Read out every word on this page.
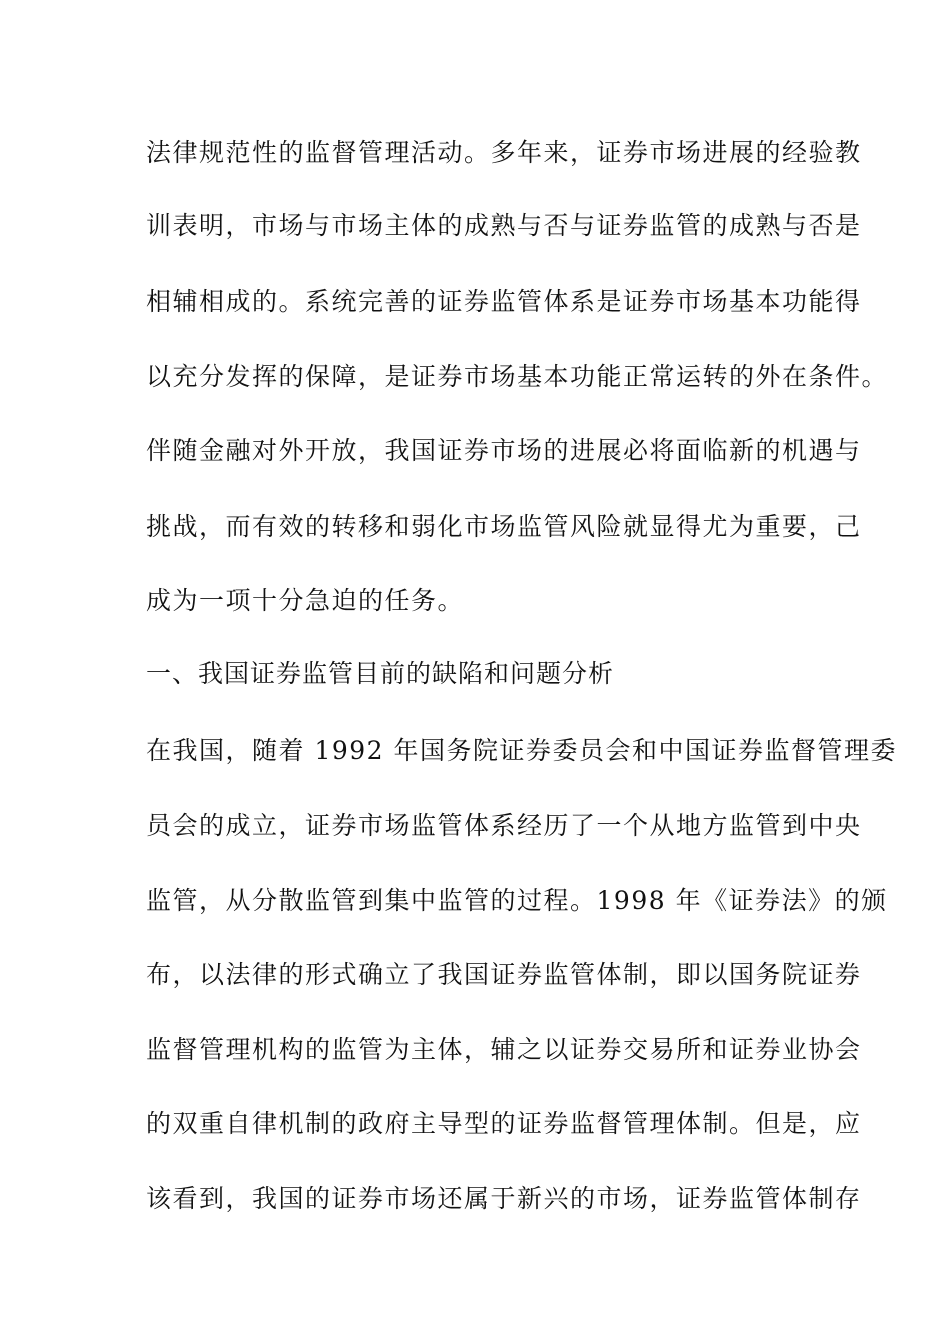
法律规范性的监督管理活动。多年来，证券市场进展的经验教
训表明，市场与市场主体的成熟与否与证券监管的成熟与否是
相辅相成的。系统完善的证券监管体系是证券市场基本功能得
以充分发挥的保障，是证券市场基本功能正常运转的外在条件。
伴随金融对外开放，我国证券市场的进展必将面临新的机遇与
挑战，而有效的转移和弱化市场监管风险就显得尤为重要，己
成为一项十分急迫的任务。
一、我国证券监管目前的缺陷和问题分析
在我国，随着 1992 年国务院证券委员会和中国证券监督管理委
员会的成立，证券市场监管体系经历了一个从地方监管到中央
监管，从分散监管到集中监管的过程。1998 年《证券法》的颁
布，以法律的形式确立了我国证券监管体制，即以国务院证券
监督管理机构的监管为主体，辅之以证券交易所和证券业协会
的双重自律机制的政府主导型的证券监督管理体制。但是，应
该看到，我国的证券市场还属于新兴的市场，证券监管体制存
